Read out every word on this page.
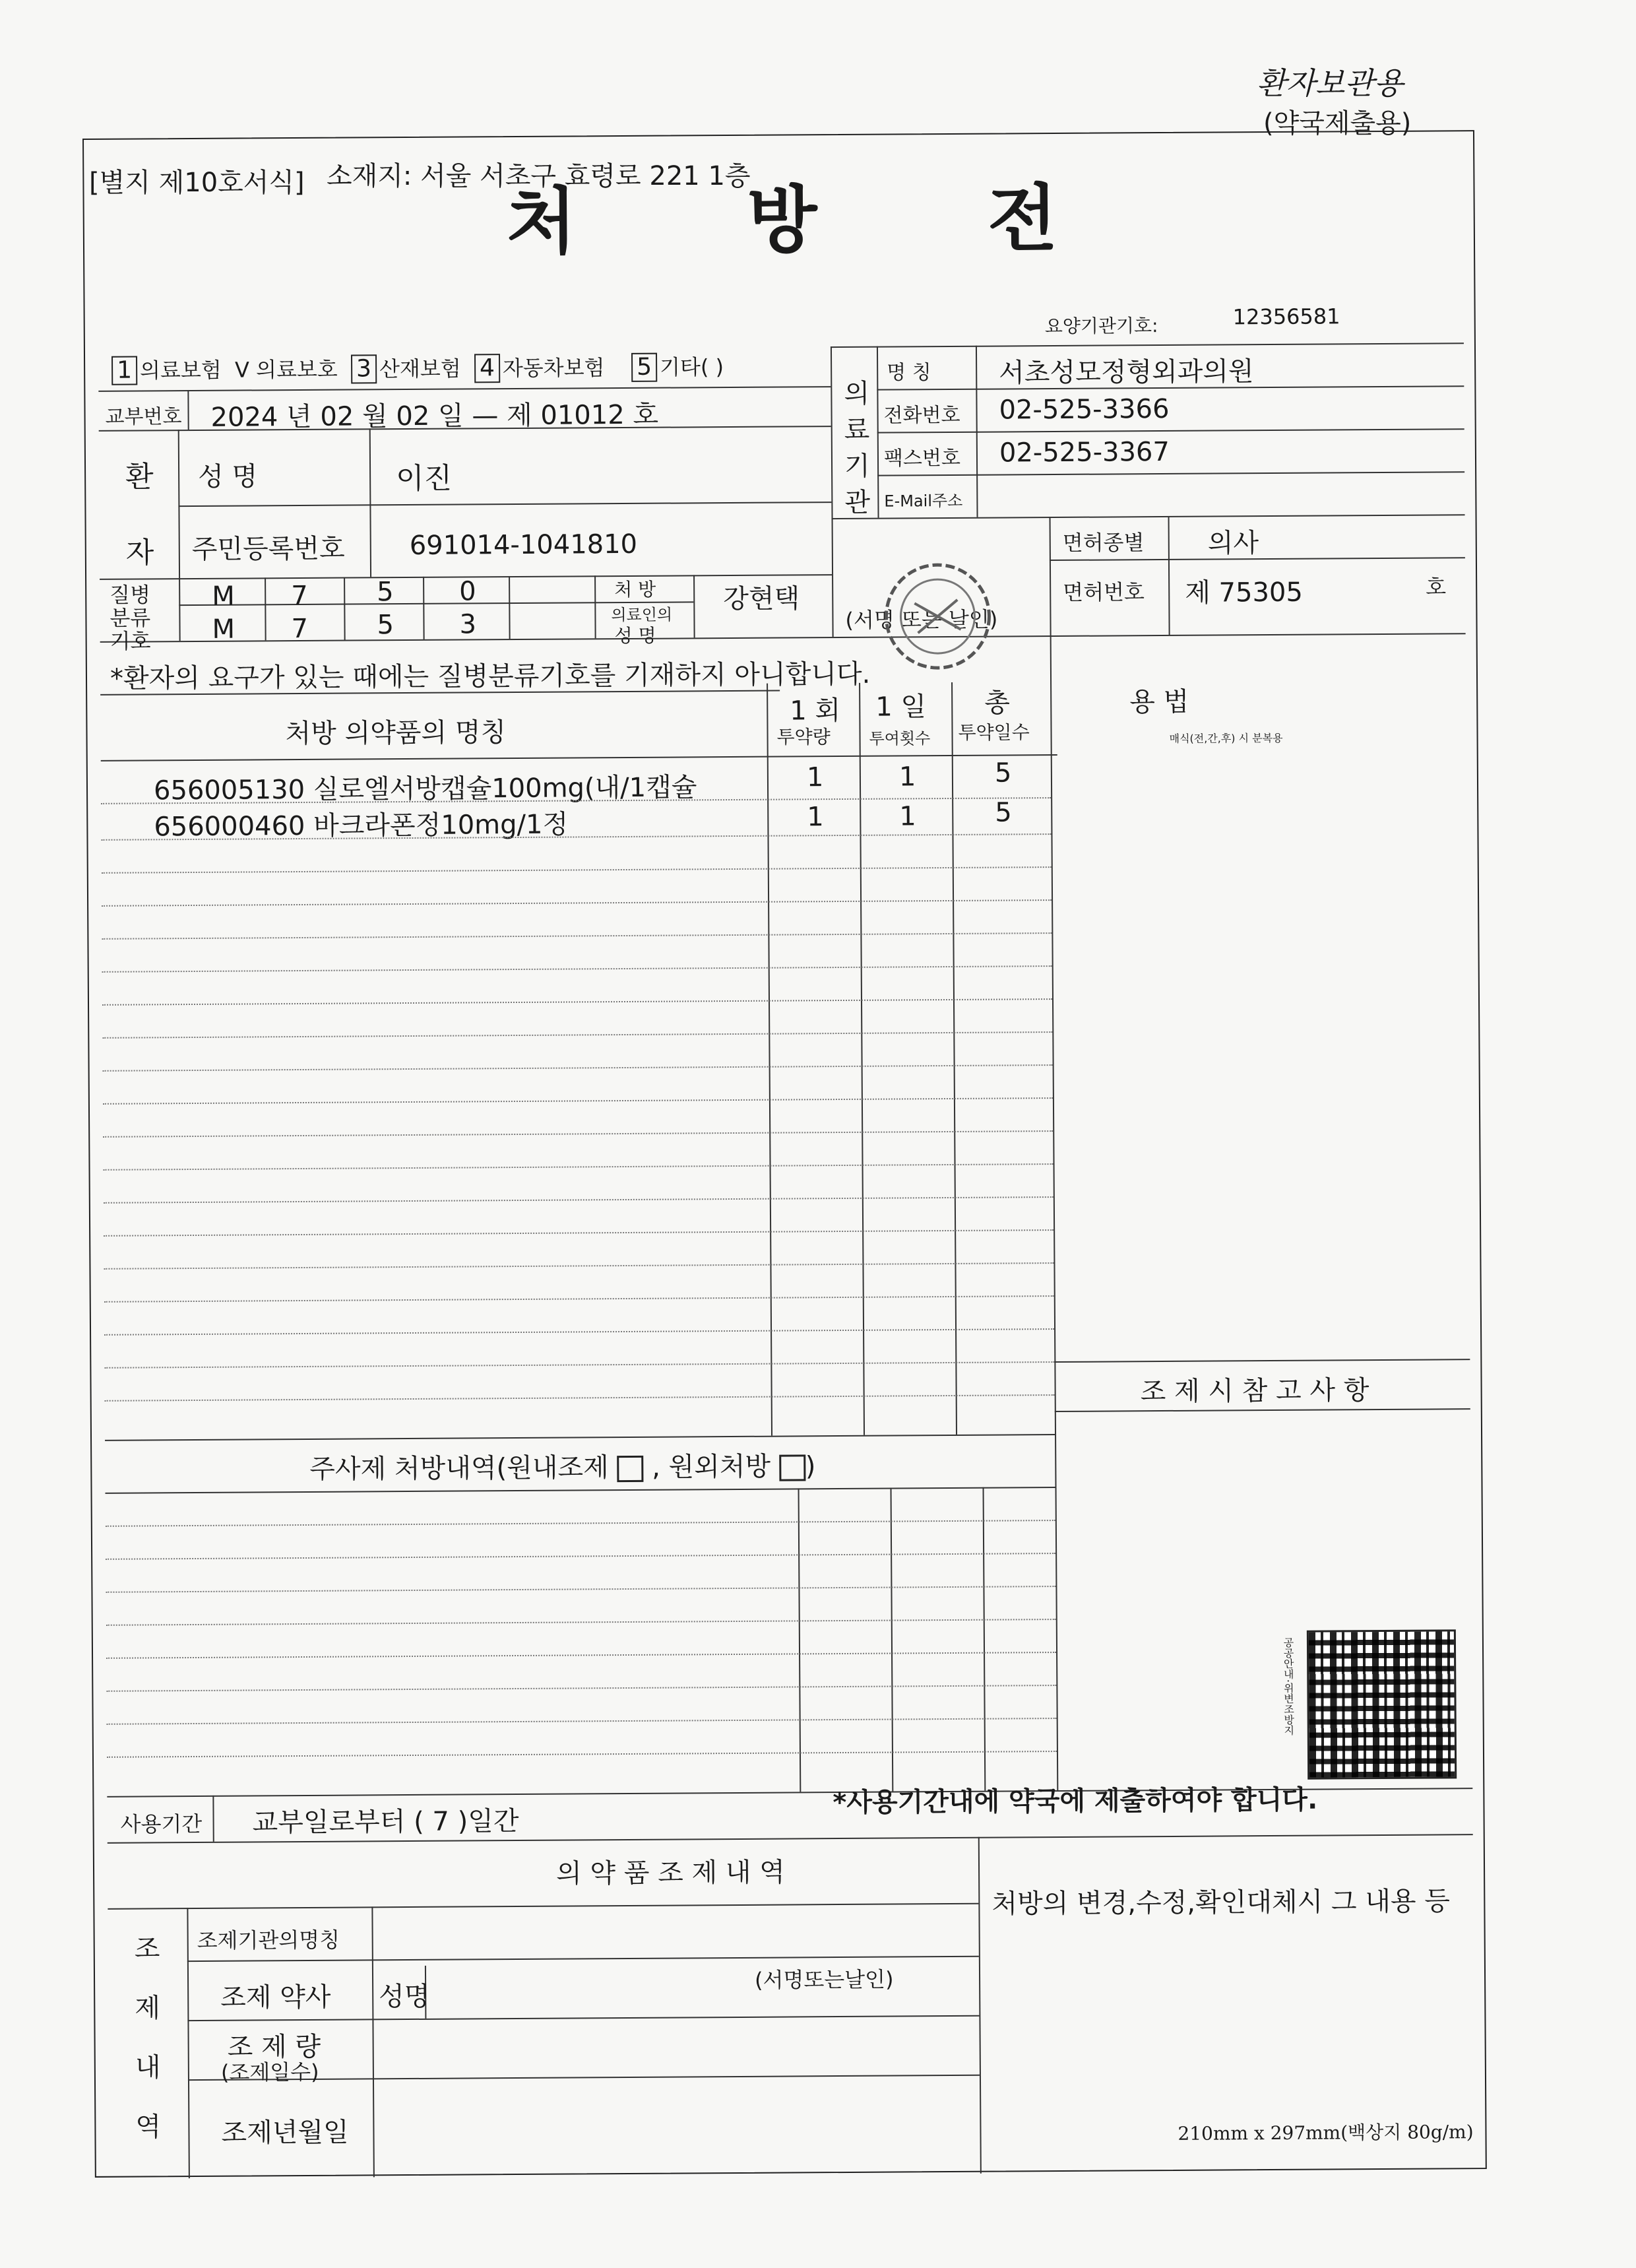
환자보관용
(약국제출용)
[별지 제10호서식] 소재지: 서울 서초구 효령로 221 1층
처 방 전
1 의료보험 V 의료보호 3 산재보험 4 자동차보험 5 기타( )
요양기관기호:	12356581
교부번호 2024 년 02 월 02 일 — 제 01012 호
환
자
성 명	이진
주민등록번호 691014-1041810
의
료
기
관
명 칭	서초성모정형외과의원
전화번호 02-525-3366
팩스번호 02-525-3367
E-Mail주소
질병
분류
기호
M 7	5 0
M 7	5 3
처 방
의료인의
성 명
강현택
(서명 또는 날인)
면허종별 의사
면허번호 제 75305	호
*환자의 요구가 있는 때에는 질병분류기호를 기재하지 아니합니다.
처방 의약품의 명칭
1 회
투약량
1 일
투여횟수
총
투약일수
용 법
매식(전,간,후) 시 분복용
656005130 실로엘서방캡슐100mg(내/1캡슐	1	1	5
656000460 바크라폰정10mg/1정	1	1	5
조 제 시 참 고 사 항
주사제 처방내역(원내조제 , 원외처방 )
공공안내·위변조방지
사용기간 교부일로부터 ( 7 )일간
*사용기간내에 약국에 제출하여야 합니다.
의 약 품 조 제 내 역
처방의 변경,수정,확인대체시 그 내용 등
조
제
내
역
조제기관의명칭
조제 약사 성명
(서명또는날인)
조 제 량
(조제일수)
조제년월일	210mm x 297mm(백상지 80g/m)
